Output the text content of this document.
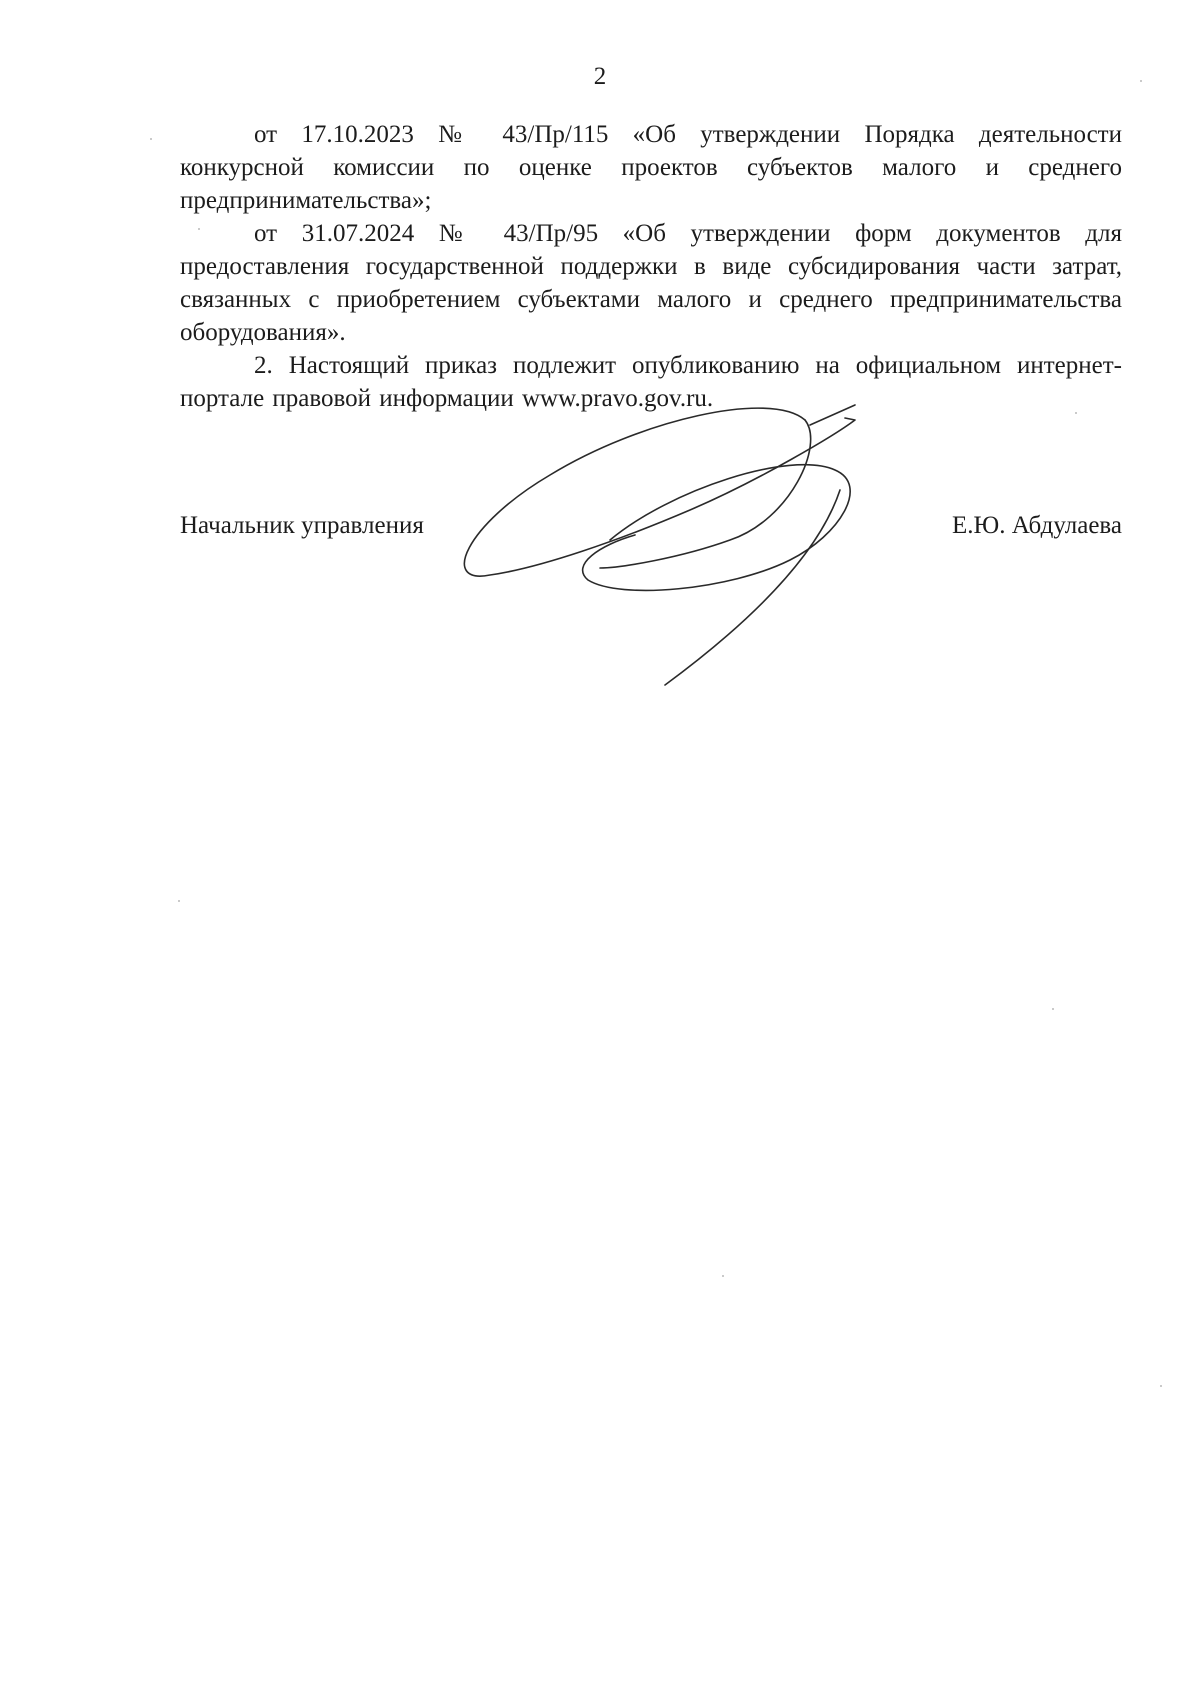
2

от 17.10.2023 № 43/Пр/115 «Об утверждении Порядка деятельности конкурсной комиссии по оценке проектов субъектов малого и среднего предпринимательства»;

от 31.07.2024 № 43/Пр/95 «Об утверждении форм документов для предоставления государственной поддержки в виде субсидирования части затрат, связанных с приобретением субъектами малого и среднего предпринимательства оборудования».

2. Настоящий приказ подлежит опубликованию на официальном интернет-портале правовой информации www.pravo.gov.ru.

Начальник управления	Е.Ю. Абдулаева
